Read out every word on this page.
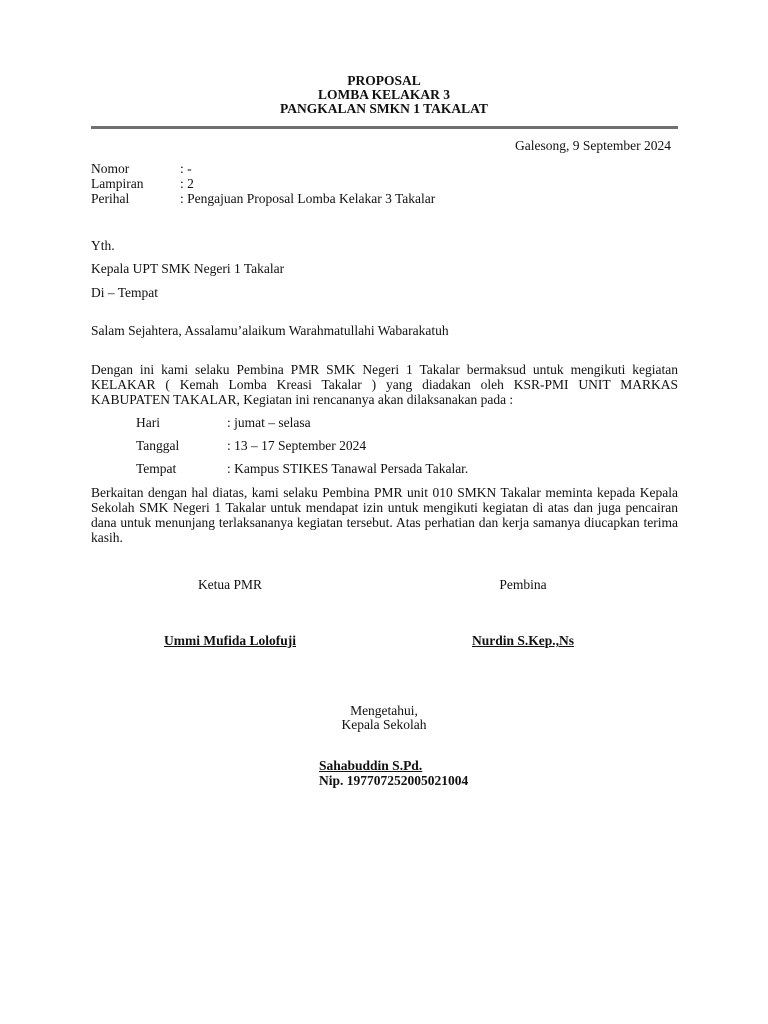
PROPOSAL
LOMBA KELAKAR 3
PANGKALAN SMKN 1 TAKALAT
Galesong, 9 September 2024
Nomor	: -
Lampiran	: 2
Perihal	: Pengajuan Proposal Lomba Kelakar 3 Takalar
Yth.
Kepala UPT SMK Negeri 1 Takalar
Di – Tempat
Salam Sejahtera, Assalamu’alaikum Warahmatullahi Wabarakatuh
Dengan ini kami selaku Pembina PMR SMK Negeri 1 Takalar bermaksud untuk mengikuti kegiatan KELAKAR ( Kemah Lomba Kreasi Takalar ) yang diadakan oleh KSR-PMI UNIT MARKAS KABUPATEN TAKALAR, Kegiatan ini rencananya akan dilaksanakan pada :
Hari	: jumat – selasa
Tanggal	: 13 – 17 September 2024
Tempat	: Kampus STIKES Tanawal Persada Takalar.
Berkaitan dengan hal diatas, kami selaku Pembina PMR unit 010 SMKN Takalar meminta kepada Kepala Sekolah SMK Negeri 1 Takalar untuk mendapat izin untuk mengikuti kegiatan di atas dan juga pencairan dana untuk menunjang terlaksananya kegiatan tersebut. Atas perhatian dan kerja samanya diucapkan terima kasih.
Ketua PMR
Ummi Mufida Lolofuji
Pembina
Nurdin S.Kep.,Ns
Mengetahui,
Kepala Sekolah
Sahabuddin S.Pd.
Nip. 197707252005021004
